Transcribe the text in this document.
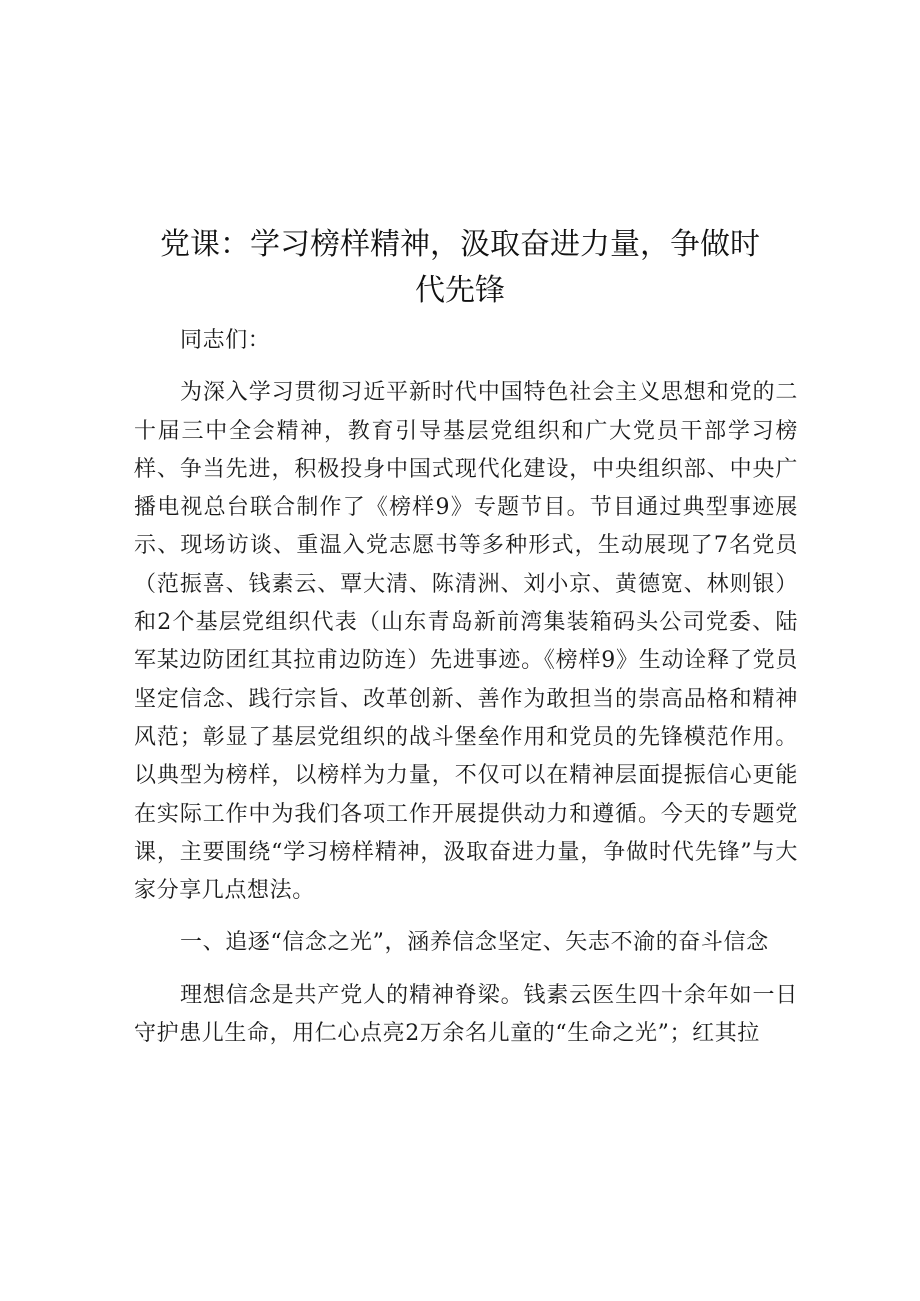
党课：学习榜样精神，汲取奋进力量，争做时
代先锋

同志们：

为深入学习贯彻习近平新时代中国特色社会主义思想和党的二十届三中全会精神，教育引导基层党组织和广大党员干部学习榜样、争当先进，积极投身中国式现代化建设，中央组织部、中央广播电视总台联合制作了《榜样9》专题节目。节目通过典型事迹展示、现场访谈、重温入党志愿书等多种形式，生动展现了7名党员（范振喜、钱素云、覃大清、陈清洲、刘小京、黄德宽、林则银）和2个基层党组织代表（山东青岛新前湾集装箱码头公司党委、陆军某边防团红其拉甫边防连）先进事迹。《榜样9》生动诠释了党员坚定信念、践行宗旨、改革创新、善作为敢担当的崇高品格和精神风范；彰显了基层党组织的战斗堡垒作用和党员的先锋模范作用。以典型为榜样，以榜样为力量，不仅可以在精神层面提振信心更能在实际工作中为我们各项工作开展提供动力和遵循。今天的专题党课，主要围绕“学习榜样精神，汲取奋进力量，争做时代先锋”与大家分享几点想法。

一、追逐“信念之光”，涵养信念坚定、矢志不渝的奋斗信念

理想信念是共产党人的精神脊梁。钱素云医生四十余年如一日守护患儿生命，用仁心点亮2万余名儿童的“生命之光”；红其拉
